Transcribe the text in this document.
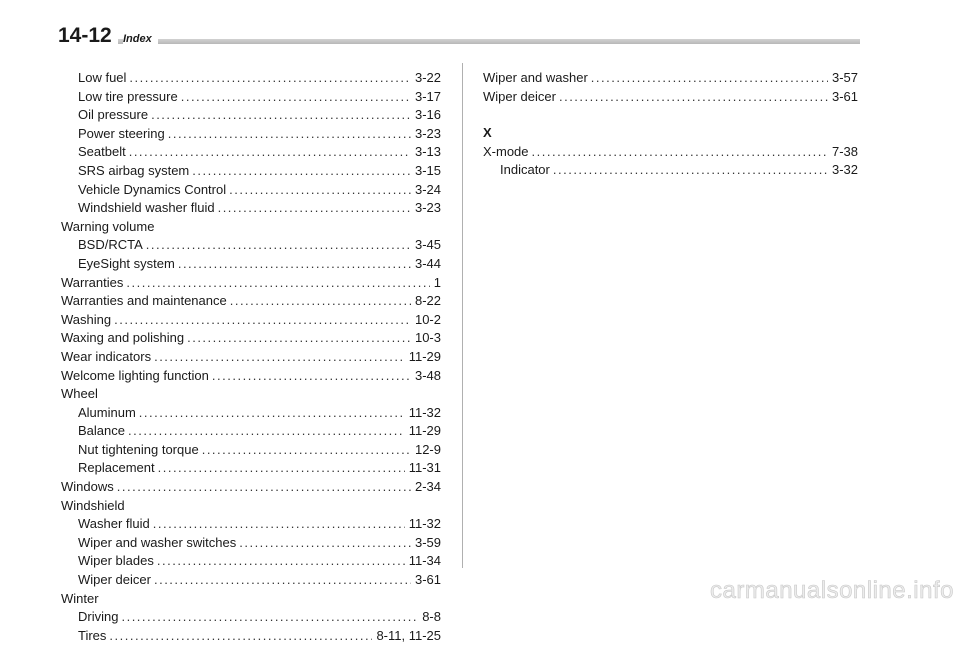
14-12	Index
Low fuel .....	3-22
Low tire pressure .....	3-17
Oil pressure .....	3-16
Power steering .....	3-23
Seatbelt .....	3-13
SRS airbag system .....	3-15
Vehicle Dynamics Control .....	3-24
Windshield washer fluid .....	3-23
Warning volume
BSD/RCTA .....	3-45
EyeSight system .....	3-44
Warranties .....	1
Warranties and maintenance .....	8-22
Washing .....	10-2
Waxing and polishing .....	10-3
Wear indicators .....	11-29
Welcome lighting function .....	3-48
Wheel
Aluminum .....	11-32
Balance .....	11-29
Nut tightening torque .....	12-9
Replacement .....	11-31
Windows .....	2-34
Windshield
Washer fluid .....	11-32
Wiper and washer switches .....	3-59
Wiper blades .....	11-34
Wiper deicer .....	3-61
Winter
Driving .....	8-8
Tires .....	8-11, 11-25
Wiper and washer .....	3-57
Wiper deicer .....	3-61
X
X-mode .....	7-38
Indicator .....	3-32
carmanualsonline.info
